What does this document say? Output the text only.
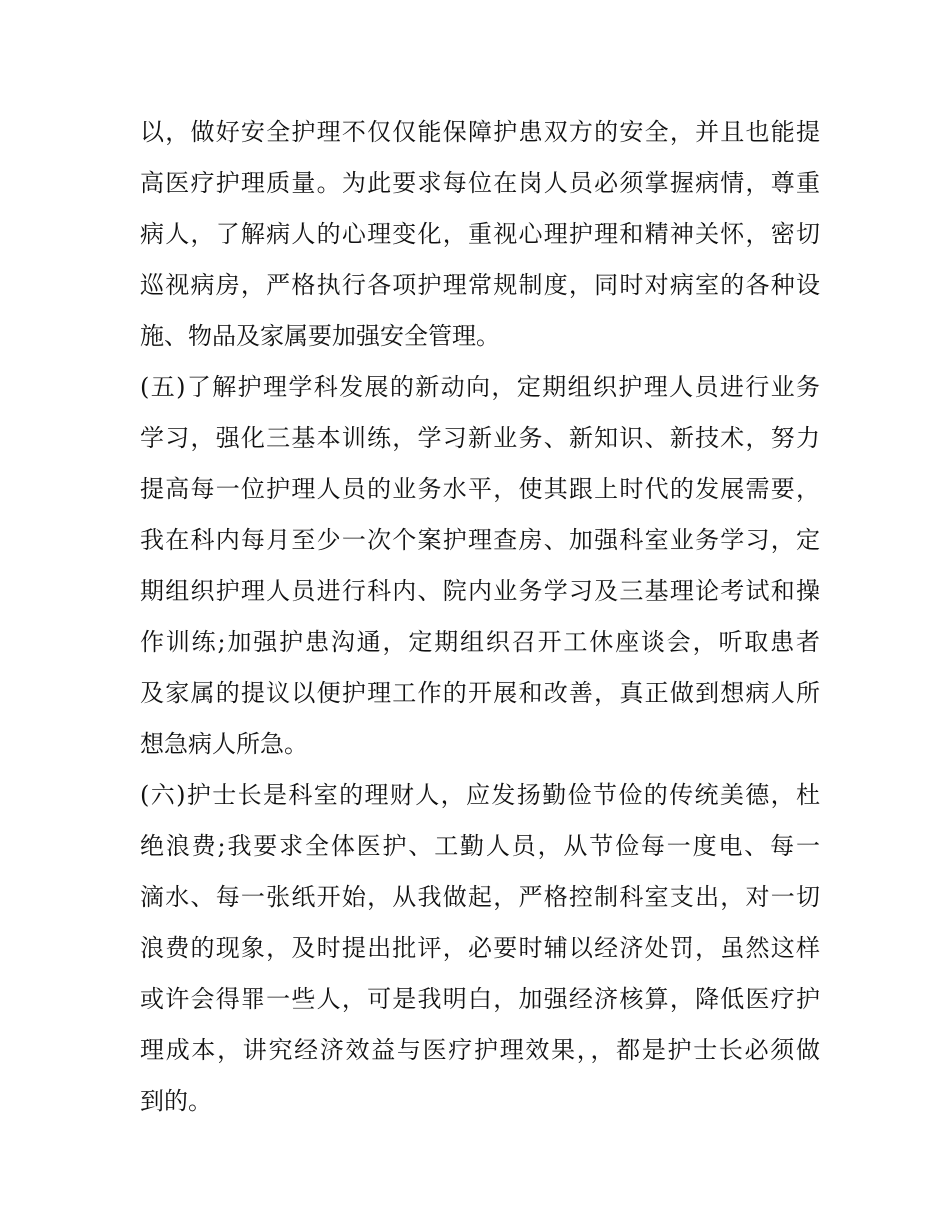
以，做好安全护理不仅仅能保障护患双方的安全，并且也能提
高医疗护理质量。为此要求每位在岗人员必须掌握病情，尊重
病人，了解病人的心理变化，重视心理护理和精神关怀，密切
巡视病房，严格执行各项护理常规制度，同时对病室的各种设
施、物品及家属要加强安全管理。
(五)了解护理学科发展的新动向，定期组织护理人员进行业务
学习，强化三基本训练，学习新业务、新知识、新技术，努力
提高每一位护理人员的业务水平，使其跟上时代的发展需要，
我在科内每月至少一次个案护理查房、加强科室业务学习，定
期组织护理人员进行科内、院内业务学习及三基理论考试和操
作训练;加强护患沟通，定期组织召开工休座谈会，听取患者
及家属的提议以便护理工作的开展和改善，真正做到想病人所
想急病人所急。
(六)护士长是科室的理财人，应发扬勤俭节俭的传统美德，杜
绝浪费;我要求全体医护、工勤人员，从节俭每一度电、每一
滴水、每一张纸开始，从我做起，严格控制科室支出，对一切
浪费的现象，及时提出批评，必要时辅以经济处罚，虽然这样
或许会得罪一些人，可是我明白，加强经济核算，降低医疗护
理成本，讲究经济效益与医疗护理效果，，都是护士长必须做
到的。
